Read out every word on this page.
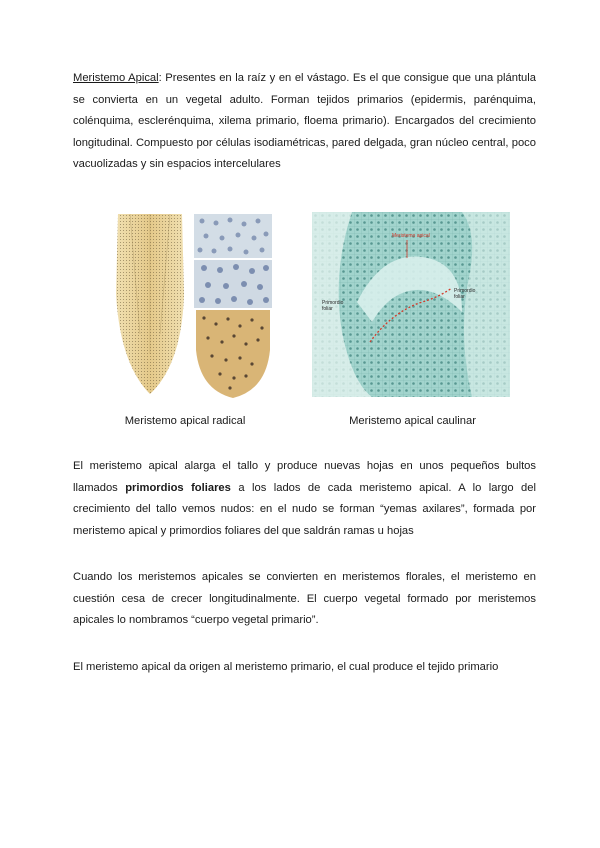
Meristemo Apical: Presentes en la raíz y en el vástago. Es el que consigue que una plántula se convierta en un vegetal adulto. Forman tejidos primarios (epidermis, parénquima, colénquima, esclerénquima, xilema primario, floema primario). Encargados del crecimiento longitudinal. Compuesto por células isodiamétricas, pared delgada, gran núcleo central, poco vacuolizadas y sin espacios intercelulares

Meristemo apical
Primordio
foliar
Primordio
foliar

Meristemo apical radical	Meristemo apical caulinar

El meristemo apical alarga el tallo y produce nuevas hojas en unos pequeños bultos llamados primordios foliares a los lados de cada meristemo apical. A lo largo del crecimiento del tallo vemos nudos: en el nudo se forman “yemas axilares”, formada por meristemo apical y primordios foliares del que saldrán ramas u hojas

Cuando los meristemos apicales se convierten en meristemos florales, el meristemo en cuestión cesa de crecer longitudinalmente. El cuerpo vegetal formado por meristemos apicales lo nombramos “cuerpo vegetal primario”.

El meristemo apical da origen al meristemo primario, el cual produce el tejido primario
